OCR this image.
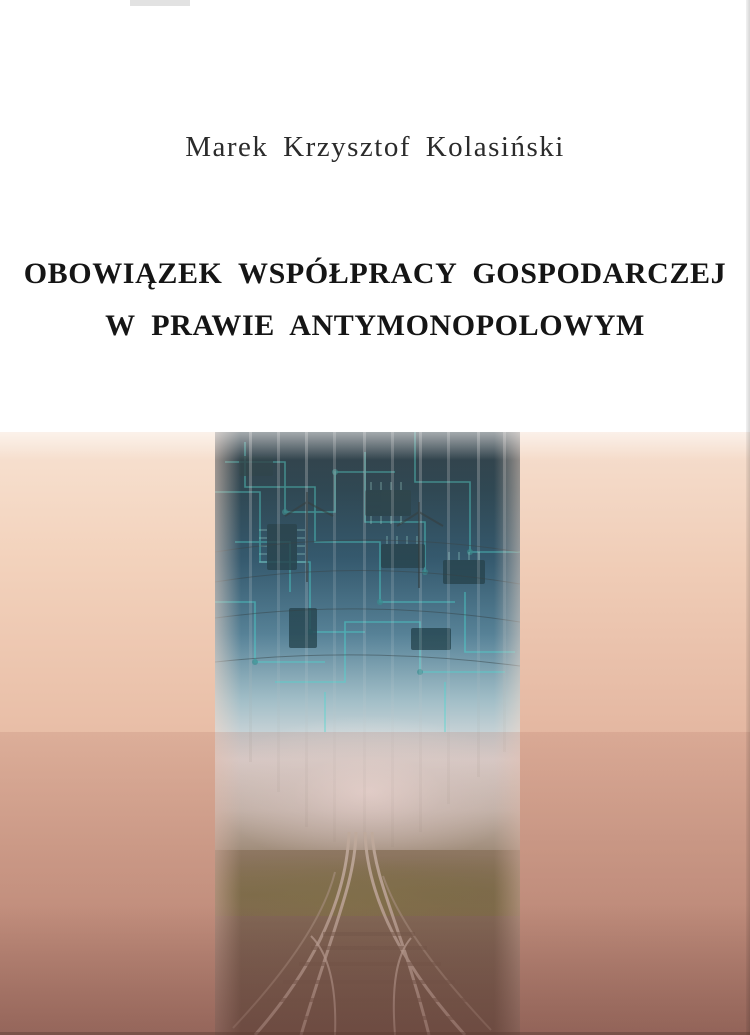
Marek Krzysztof Kolasiński
OBOWIĄZEK WSPÓŁPRACY GOSPODARCZEJ
W PRAWIE ANTYMONOPOLOWYM
